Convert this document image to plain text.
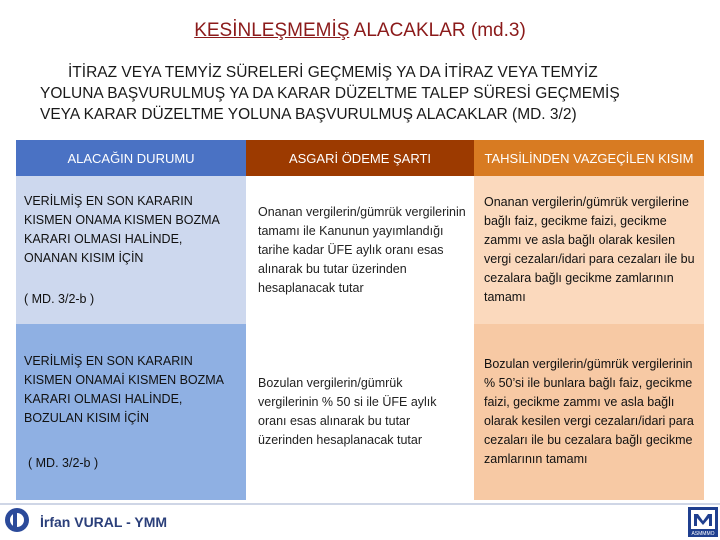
KESİNLEŞMEMİŞ ALACAKLAR (md.3)

İTİRAZ VEYA TEMYİZ SÜRELERİ GEÇMEMİŞ YA DA İTİRAZ VEYA TEMYİZ

YOLUNA BAŞVURULMUŞ YA DA KARAR DÜZELTME TALEP SÜRESİ GEÇMEMİŞ

VEYA KARAR DÜZELTME YOLUNA BAŞVURULMUŞ ALACAKLAR (MD. 3/2)

ALACAĞIN DURUMU	ASGARİ ÖDEME ŞARTI	TAHSİLİNDEN VAZGEÇİLEN KISIM
VERİLMİŞ EN SON KARARIN KISMEN ONAMA KISMEN BOZMA KARARI OLMASI HALİNDE, ONANAN KISIM İÇİN
( MD. 3/2-b )
Onanan vergilerin/gümrük vergilerinin tamamı ile Kanunun yayımlandığı tarihe kadar ÜFE aylık oranı esas alınarak bu tutar üzerinden hesaplanacak tutar
Onanan vergilerin/gümrük vergilerine bağlı faiz, gecikme faizi, gecikme zammı ve asla bağlı olarak kesilen vergi cezaları/idari para cezaları ile bu cezalara bağlı gecikme zamlarının tamamı
VERİLMİŞ EN SON KARARIN KISMEN ONAMAİ KISMEN BOZMA KARARI OLMASI HALİNDE, BOZULAN KISIM İÇİN
( MD. 3/2-b )
Bozulan vergilerin/gümrük vergilerinin % 50 si ile ÜFE aylık oranı esas alınarak bu tutar üzerinden hesaplanacak tutar
Bozulan vergilerin/gümrük vergilerinin % 50’si ile bunlara bağlı faiz, gecikme faizi, gecikme zammı ve asla bağlı olarak kesilen vergi cezaları/idari para cezaları ile bu cezalara bağlı gecikme zamlarının tamamı
İrfan VURAL - YMM
ASMMMO
